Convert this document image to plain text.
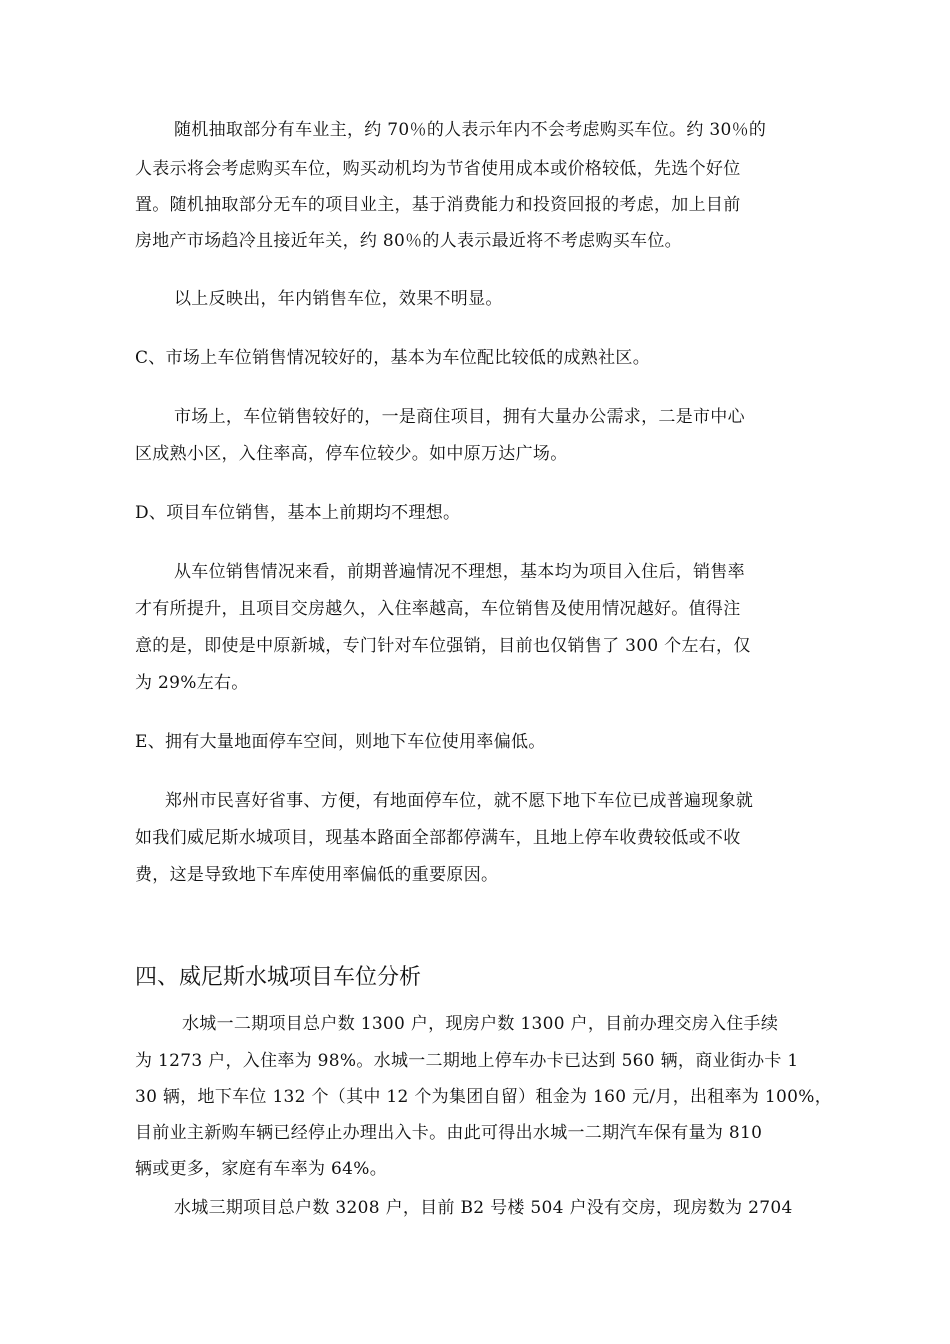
随机抽取部分有车业主，约 70％的人表示年内不会考虑购买车位。约 30％的
人表示将会考虑购买车位，购买动机均为节省使用成本或价格较低，先选个好位
置。随机抽取部分无车的项目业主，基于消费能力和投资回报的考虑，加上目前
房地产市场趋冷且接近年关，约 80％的人表示最近将不考虑购买车位。
以上反映出，年内销售车位，效果不明显。
C、市场上车位销售情况较好的，基本为车位配比较低的成熟社区。
市场上，车位销售较好的，一是商住项目，拥有大量办公需求，二是市中心
区成熟小区，入住率高，停车位较少。如中原万达广场。
D、项目车位销售，基本上前期均不理想。
从车位销售情况来看，前期普遍情况不理想，基本均为项目入住后，销售率
才有所提升，且项目交房越久，入住率越高，车位销售及使用情况越好。值得注
意的是，即使是中原新城，专门针对车位强销，目前也仅销售了 300 个左右，仅
为 29%左右。
E、拥有大量地面停车空间，则地下车位使用率偏低。
郑州市民喜好省事、方便，有地面停车位，就不愿下地下车位已成普遍现象就
如我们威尼斯水城项目，现基本路面全部都停满车，且地上停车收费较低或不收
费，这是导致地下车库使用率偏低的重要原因。
四、威尼斯水城项目车位分析
水城一二期项目总户数 1300 户，现房户数 1300 户，目前办理交房入住手续
为 1273 户，入住率为 98%。水城一二期地上停车办卡已达到 560 辆，商业街办卡 1
30 辆，地下车位 132 个（其中 12 个为集团自留）租金为 160 元/月，出租率为 100%，
目前业主新购车辆已经停止办理出入卡。由此可得出水城一二期汽车保有量为 810
辆或更多，家庭有车率为 64%。
水城三期项目总户数 3208 户，目前 B2 号楼 504 户没有交房，现房数为 2704
